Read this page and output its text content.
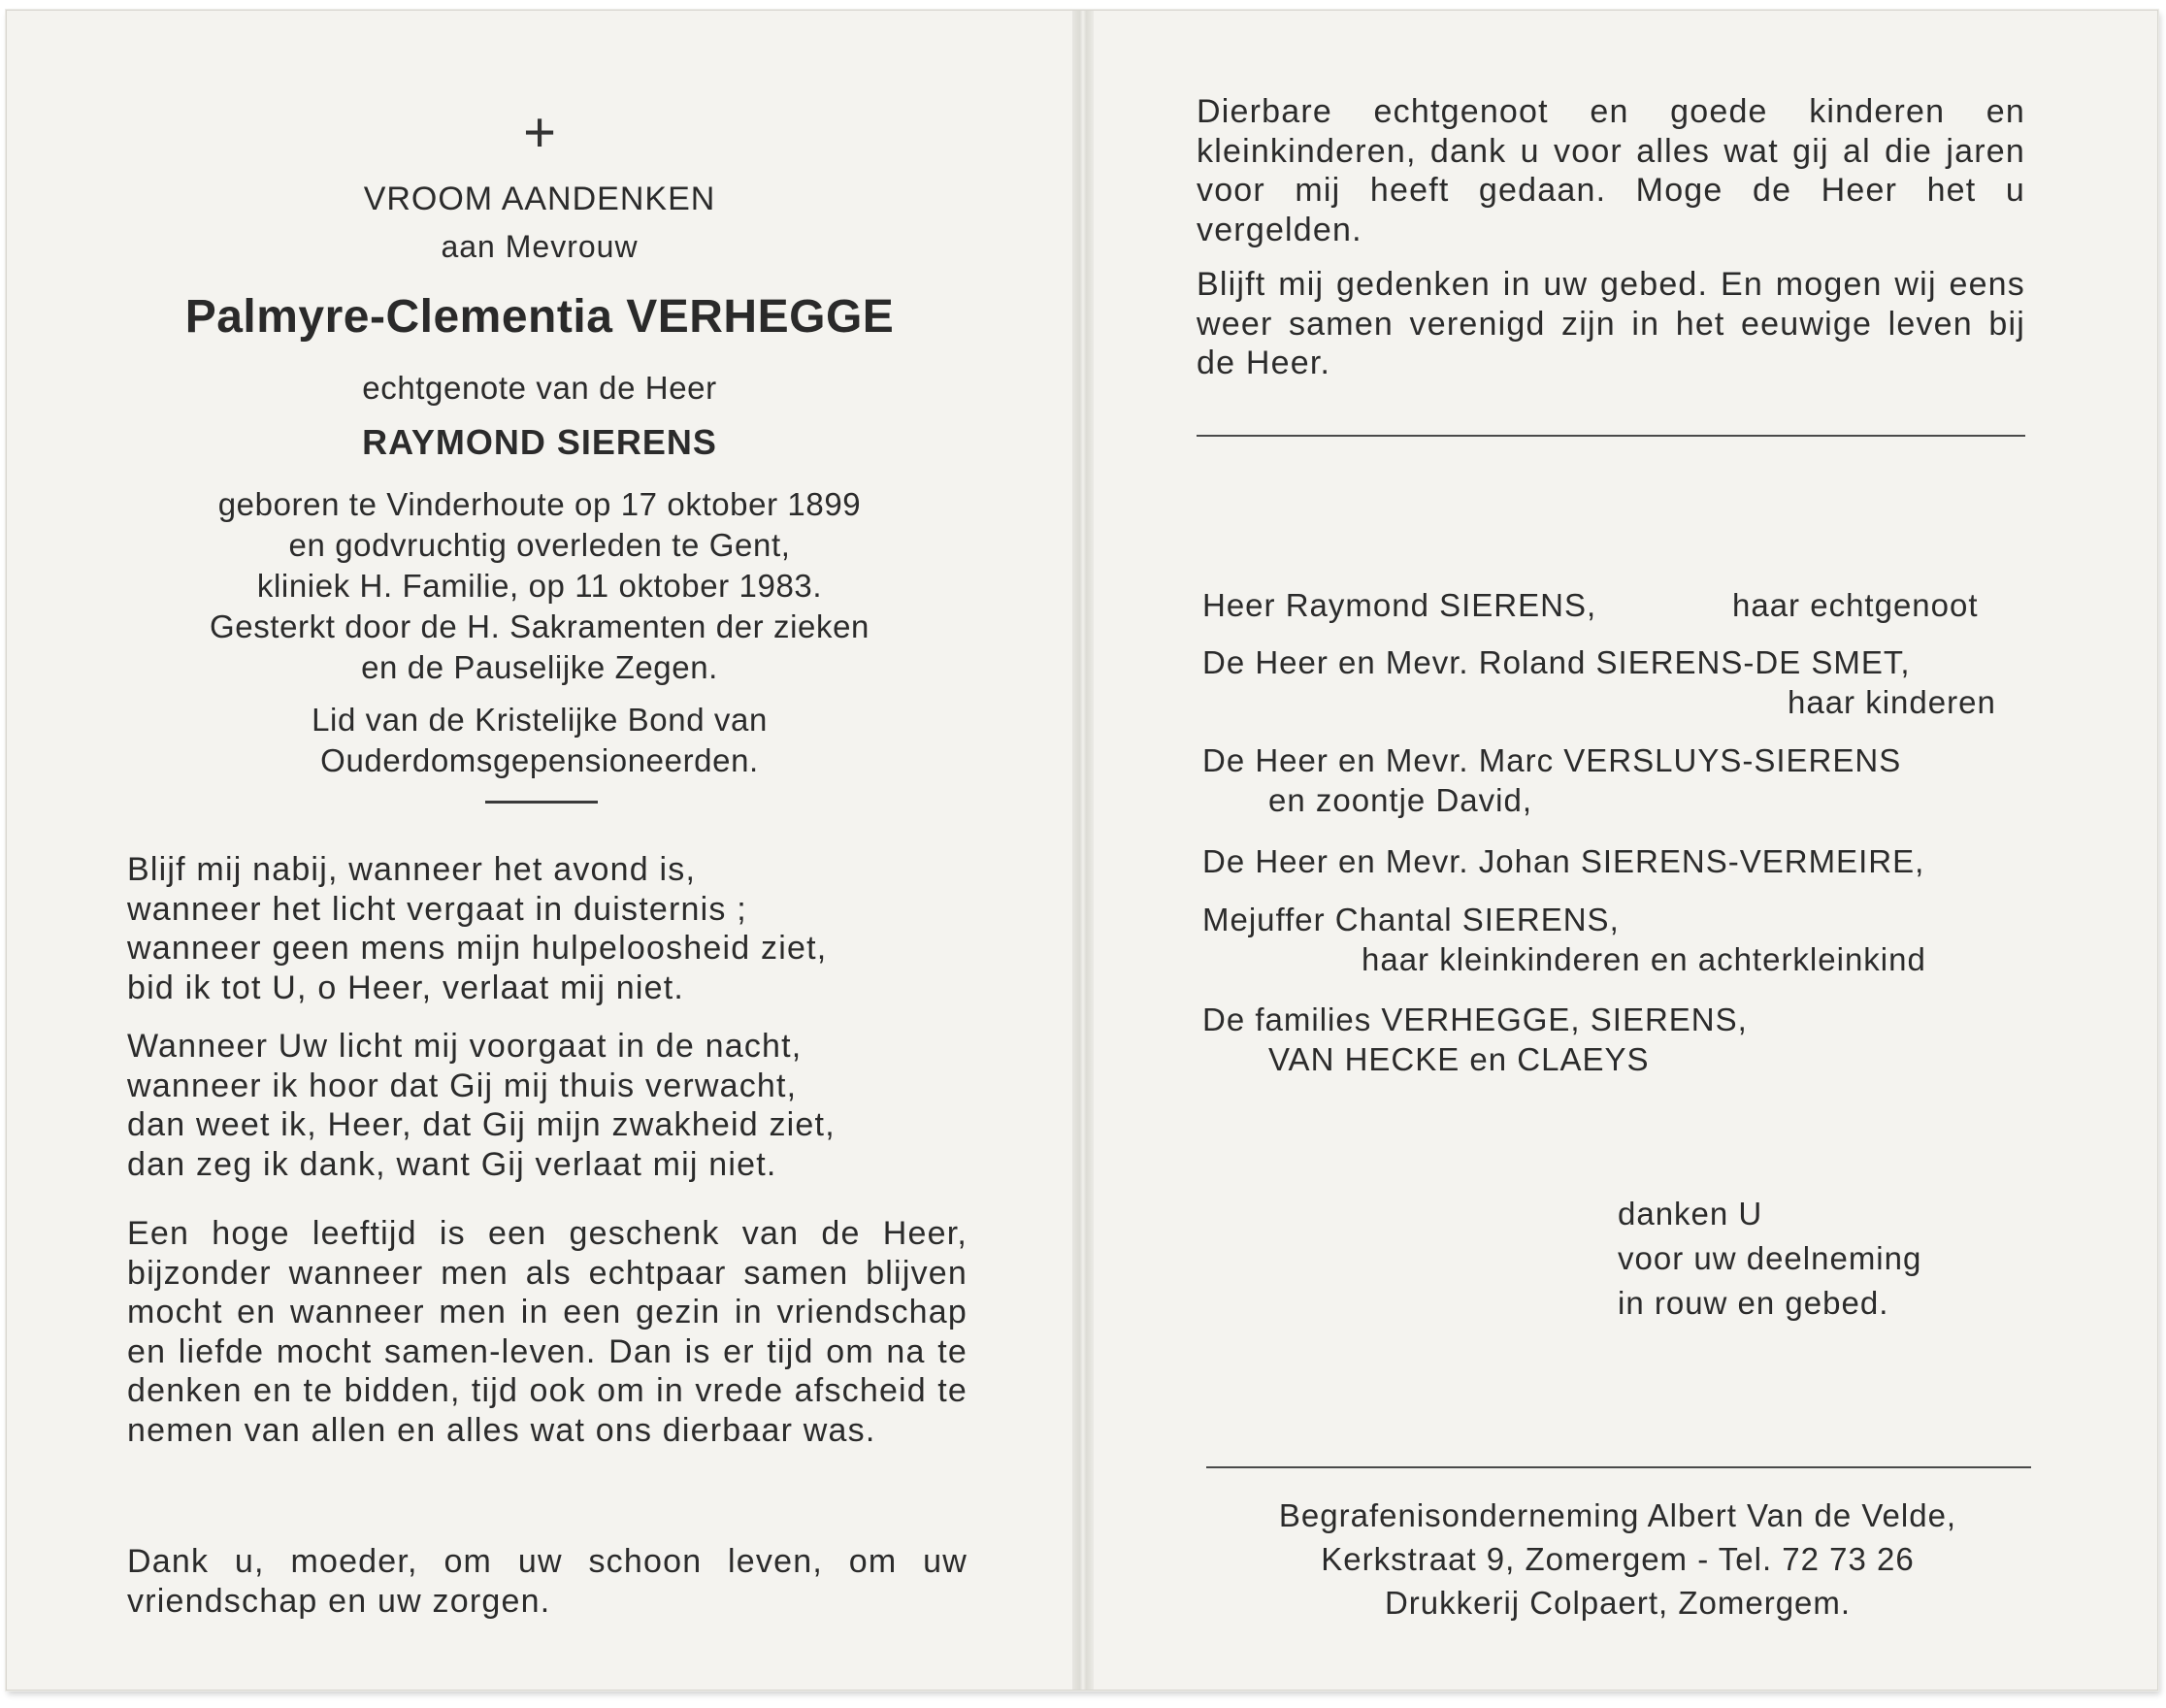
+
VROOM AANDENKEN
aan Mevrouw
Palmyre-Clementia VERHEGGE
echtgenote van de Heer
RAYMOND SIERENS
geboren te Vinderhoute op 17 oktober 1899
en godvruchtig overleden te Gent,
kliniek H. Familie, op 11 oktober 1983.
Gesterkt door de H. Sakramenten der zieken
en de Pauselijke Zegen.
Lid van de Kristelijke Bond van
Ouderdomsgepensioneerden.
Blijf mij nabij, wanneer het avond is,
wanneer het licht vergaat in duisternis ;
wanneer geen mens mijn hulpeloosheid ziet,
bid ik tot U, o Heer, verlaat mij niet.
Wanneer Uw licht mij voorgaat in de nacht,
wanneer ik hoor dat Gij mij thuis verwacht,
dan weet ik, Heer, dat Gij mijn zwakheid ziet,
dan zeg ik dank, want Gij verlaat mij niet.
Een hoge leeftijd is een geschenk van de Heer, bijzonder wanneer men als echtpaar samen blijven mocht en wanneer men in een gezin in vriendschap en liefde mocht samen-leven. Dan is er tijd om na te denken en te bidden, tijd ook om in vrede afscheid te nemen van allen en alles wat ons dierbaar was.
Dank u, moeder, om uw schoon leven, om uw vriendschap en uw zorgen.
Dierbare echtgenoot en goede kinderen en kleinkinderen, dank u voor alles wat gij al die jaren voor mij heeft gedaan. Moge de Heer het u vergelden.
Blijft mij gedenken in uw gebed. En mogen wij eens weer samen verenigd zijn in het eeuwige leven bij de Heer.
Heer Raymond SIERENS,	haar echtgenoot
De Heer en Mevr. Roland SIERENS-DE SMET,
haar kinderen
De Heer en Mevr. Marc VERSLUYS-SIERENS
en zoontje David,
De Heer en Mevr. Johan SIERENS-VERMEIRE,
Mejuffer Chantal SIERENS,
haar kleinkinderen en achterkleinkind
De families VERHEGGE, SIERENS,
VAN HECKE en CLAEYS
danken U
voor uw deelneming
in rouw en gebed.
Begrafenisonderneming Albert Van de Velde,
Kerkstraat 9, Zomergem - Tel. 72 73 26
Drukkerij Colpaert, Zomergem.
